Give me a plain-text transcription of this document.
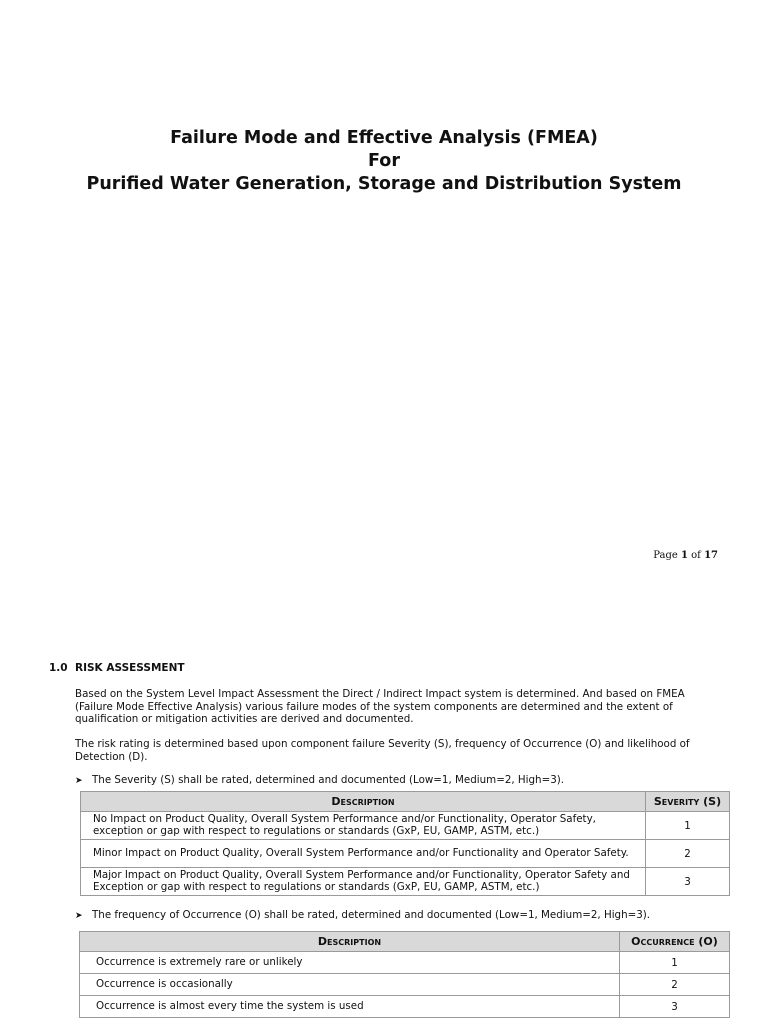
Failure Mode and Effective Analysis (FMEA)
For
Purified Water Generation, Storage and Distribution System
Page 1 of 17
1.0 RISK ASSESSMENT
Based on the System Level Impact Assessment the Direct / Indirect Impact system is determined. And based on FMEA (Failure Mode Effective Analysis) various failure modes of the system components are determined and the extent of qualification or mitigation activities are derived and documented.
The risk rating is determined based upon component failure Severity (S), frequency of Occurrence (O) and likelihood of Detection (D).
➤ The Severity (S) shall be rated, determined and documented (Low=1, Medium=2, High=3).
Description	Severity (S)
No Impact on Product Quality, Overall System Performance and/or Functionality, Operator Safety, exception or gap with respect to regulations or standards (GxP, EU, GAMP, ASTM, etc.)	1
Minor Impact on Product Quality, Overall System Performance and/or Functionality and Operator Safety.	2
Major Impact on Product Quality, Overall System Performance and/or Functionality, Operator Safety and Exception or gap with respect to regulations or standards (GxP, EU, GAMP, ASTM, etc.)	3
➤ The frequency of Occurrence (O) shall be rated, determined and documented (Low=1, Medium=2, High=3).
Description	Occurrence (O)
Occurrence is extremely rare or unlikely	1
Occurrence is occasionally	2
Occurrence is almost every time the system is used	3
